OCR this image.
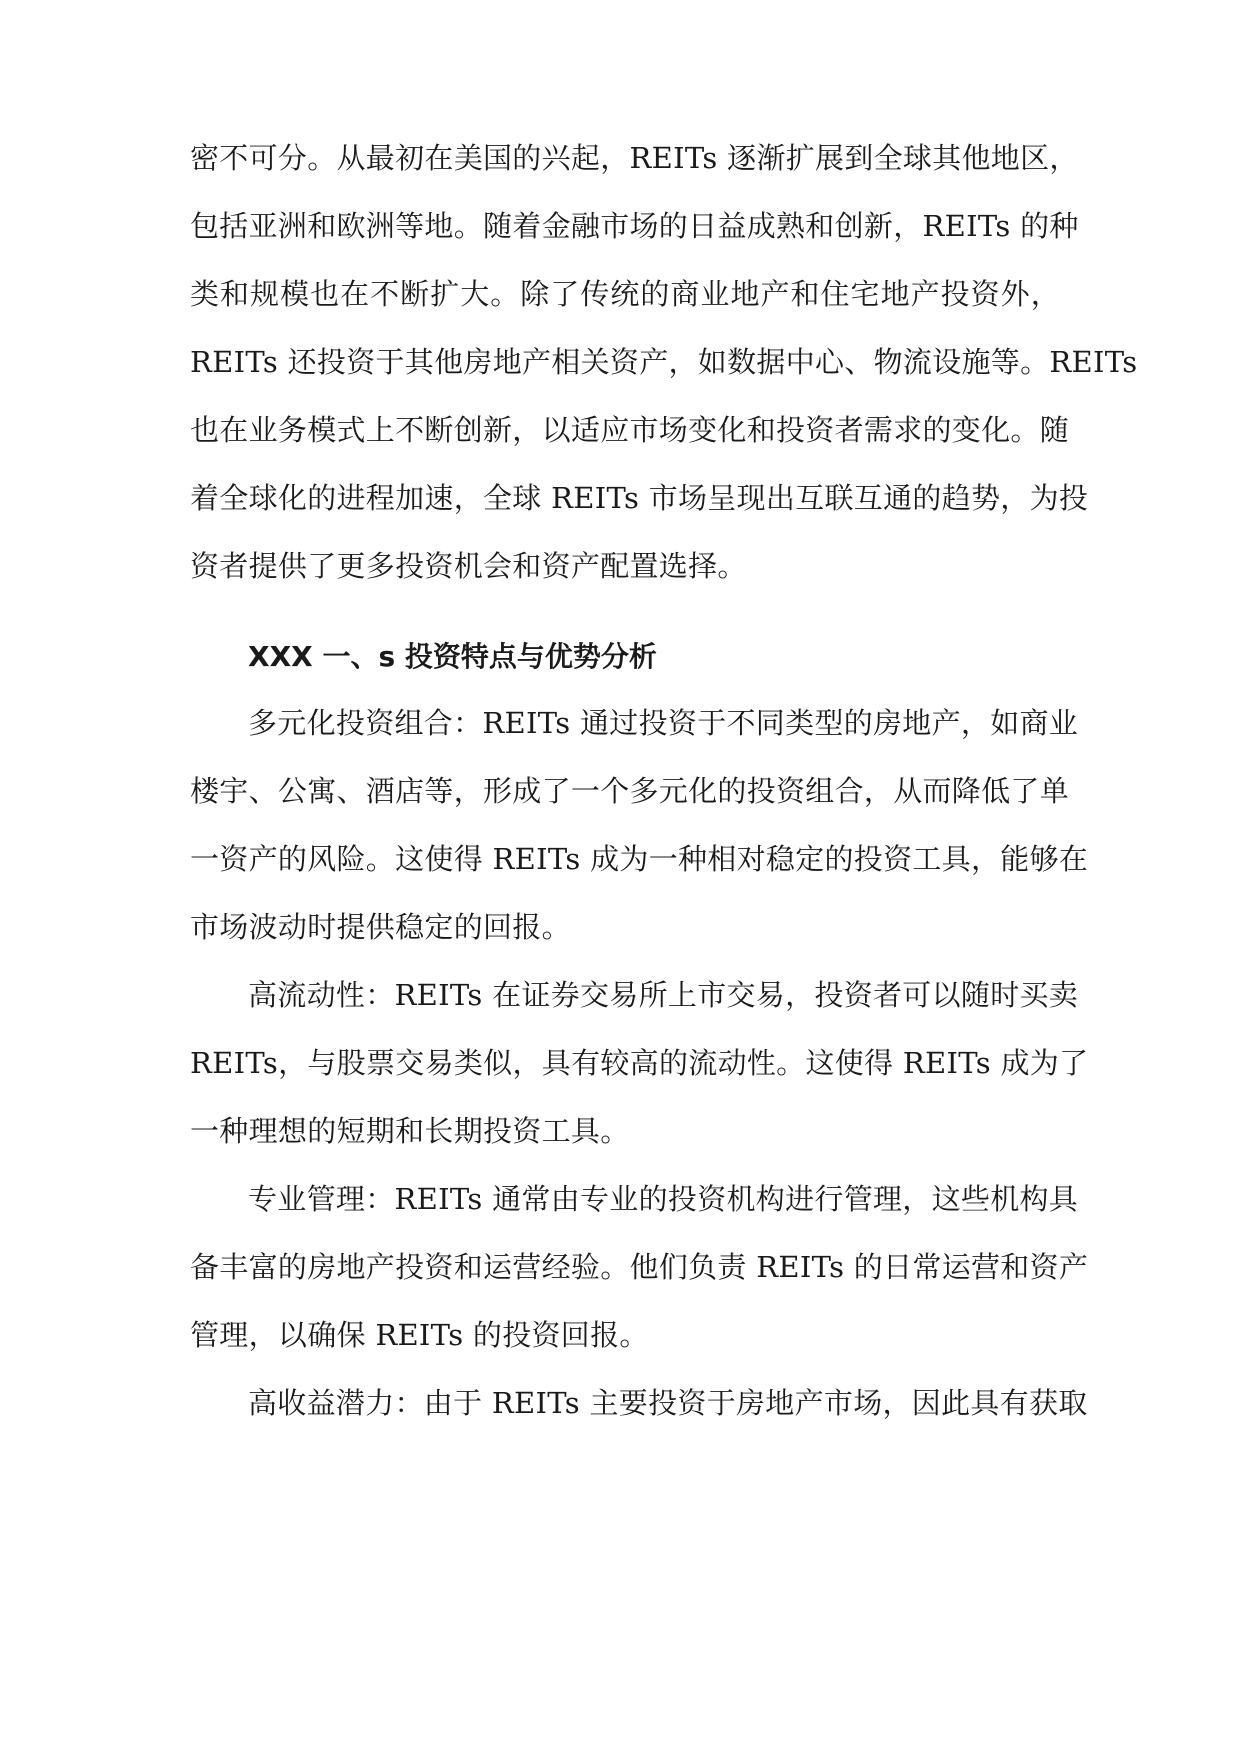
密不可分。从最初在美国的兴起，REITs 逐渐扩展到全球其他地区，
包括亚洲和欧洲等地。随着金融市场的日益成熟和创新，REITs 的种
类和规模也在不断扩大。除了传统的商业地产和住宅地产投资外，
REITs 还投资于其他房地产相关资产，如数据中心、物流设施等。REITs
也在业务模式上不断创新，以适应市场变化和投资者需求的变化。随
着全球化的进程加速，全球 REITs 市场呈现出互联互通的趋势，为投
资者提供了更多投资机会和资产配置选择。
XXX 一、s 投资特点与优势分析
多元化投资组合：REITs 通过投资于不同类型的房地产，如商业
楼宇、公寓、酒店等，形成了一个多元化的投资组合，从而降低了单
一资产的风险。这使得 REITs 成为一种相对稳定的投资工具，能够在
市场波动时提供稳定的回报。
高流动性：REITs 在证券交易所上市交易，投资者可以随时买卖
REITs，与股票交易类似，具有较高的流动性。这使得 REITs 成为了
一种理想的短期和长期投资工具。
专业管理：REITs 通常由专业的投资机构进行管理，这些机构具
备丰富的房地产投资和运营经验。他们负责 REITs 的日常运营和资产
管理，以确保 REITs 的投资回报。
高收益潜力：由于 REITs 主要投资于房地产市场，因此具有获取
